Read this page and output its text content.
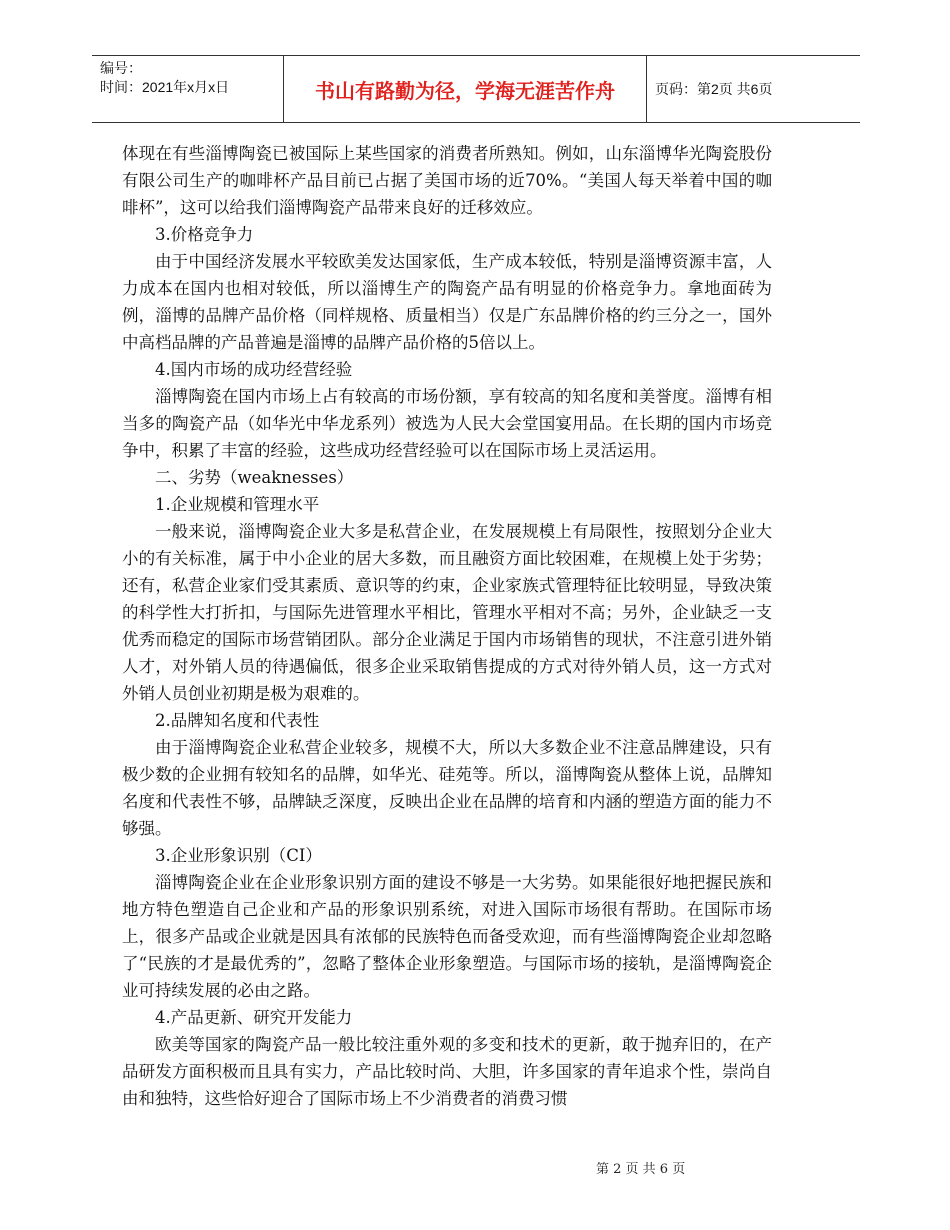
编号：
时间：2021年x月x日	书山有路勤为径，学海无涯苦作舟	页码：第2页 共6页

体现在有些淄博陶瓷已被国际上某些国家的消费者所熟知。例如，山东淄博华光陶瓷股份有限公司生产的咖啡杯产品目前已占据了美国市场的近70%。“美国人每天举着中国的咖啡杯”，这可以给我们淄博陶瓷产品带来良好的迁移效应。

3.价格竞争力

由于中国经济发展水平较欧美发达国家低，生产成本较低，特别是淄博资源丰富，人力成本在国内也相对较低，所以淄博生产的陶瓷产品有明显的价格竞争力。拿地面砖为例，淄博的品牌产品价格（同样规格、质量相当）仅是广东品牌价格的约三分之一，国外中高档品牌的产品普遍是淄博的品牌产品价格的5倍以上。

4.国内市场的成功经营经验

淄博陶瓷在国内市场上占有较高的市场份额，享有较高的知名度和美誉度。淄博有相当多的陶瓷产品（如华光中华龙系列）被选为人民大会堂国宴用品。在长期的国内市场竞争中，积累了丰富的经验，这些成功经营经验可以在国际市场上灵活运用。

二、劣势（weaknesses）

1.企业规模和管理水平

一般来说，淄博陶瓷企业大多是私营企业，在发展规模上有局限性，按照划分企业大小的有关标准，属于中小企业的居大多数，而且融资方面比较困难，在规模上处于劣势；还有，私营企业家们受其素质、意识等的约束，企业家族式管理特征比较明显，导致决策的科学性大打折扣，与国际先进管理水平相比，管理水平相对不高；另外，企业缺乏一支优秀而稳定的国际市场营销团队。部分企业满足于国内市场销售的现状，不注意引进外销人才，对外销人员的待遇偏低，很多企业采取销售提成的方式对待外销人员，这一方式对外销人员创业初期是极为艰难的。

2.品牌知名度和代表性

由于淄博陶瓷企业私营企业较多，规模不大，所以大多数企业不注意品牌建设，只有极少数的企业拥有较知名的品牌，如华光、硅苑等。所以，淄博陶瓷从整体上说，品牌知名度和代表性不够，品牌缺乏深度，反映出企业在品牌的培育和内涵的塑造方面的能力不够强。

3.企业形象识别（CI）

淄博陶瓷企业在企业形象识别方面的建设不够是一大劣势。如果能很好地把握民族和地方特色塑造自己企业和产品的形象识别系统，对进入国际市场很有帮助。在国际市场上，很多产品或企业就是因具有浓郁的民族特色而备受欢迎，而有些淄博陶瓷企业却忽略了“民族的才是最优秀的”，忽略了整体企业形象塑造。与国际市场的接轨，是淄博陶瓷企业可持续发展的必由之路。

4.产品更新、研究开发能力

欧美等国家的陶瓷产品一般比较注重外观的多变和技术的更新，敢于抛弃旧的，在产品研发方面积极而且具有实力，产品比较时尚、大胆，许多国家的青年追求个性，崇尚自由和独特，这些恰好迎合了国际市场上不少消费者的消费习惯

第 2 页 共 6 页
